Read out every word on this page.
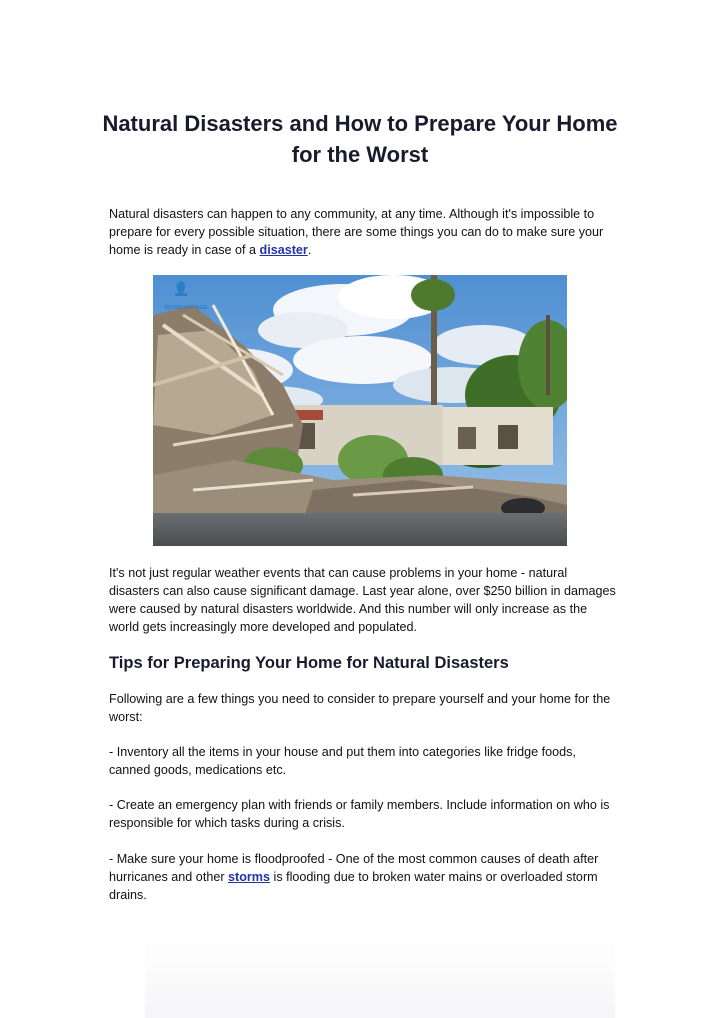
Natural Disasters and How to Prepare Your Home for the Worst

Natural disasters can happen to any community, at any time. Although it's impossible to prepare for every possible situation, there are some things you can do to make sure your home is ready in case of a disaster.

SERVEANTAGE

It's not just regular weather events that can cause problems in your home - natural disasters can also cause significant damage. Last year alone, over $250 billion in damages were caused by natural disasters worldwide. And this number will only increase as the world gets increasingly more developed and populated.

Tips for Preparing Your Home for Natural Disasters

Following are a few things you need to consider to prepare yourself and your home for the worst:

- Inventory all the items in your house and put them into categories like fridge foods, canned goods, medications etc.

- Create an emergency plan with friends or family members. Include information on who is responsible for which tasks during a crisis.

- Make sure your home is floodproofed - One of the most common causes of death after hurricanes and other storms is flooding due to broken water mains or overloaded storm drains.
